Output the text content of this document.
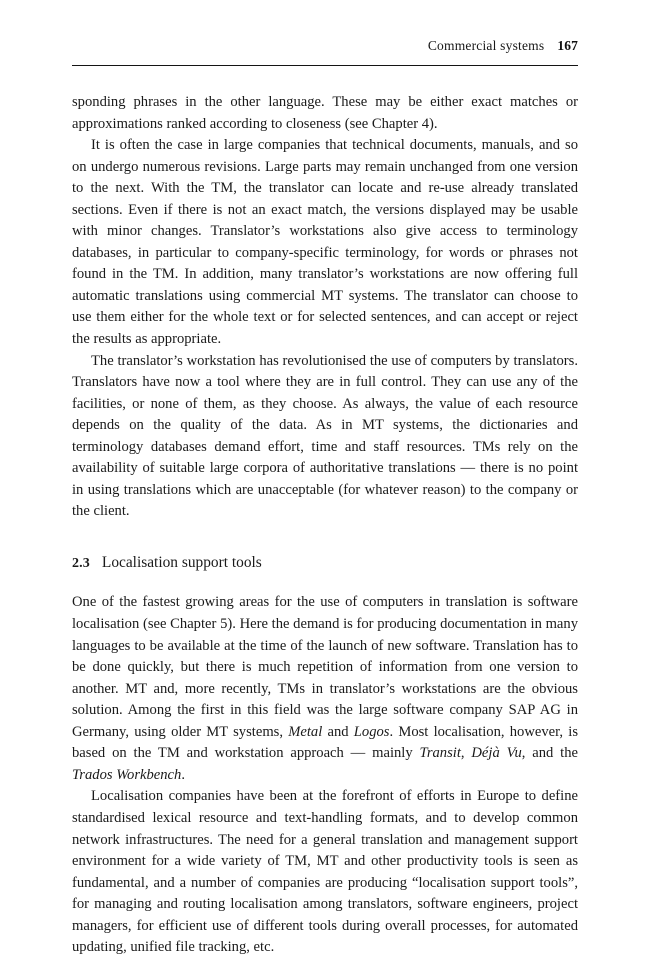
Commercial systems 167

sponding phrases in the other language. These may be either exact matches or approximations ranked according to closeness (see Chapter 4).

It is often the case in large companies that technical documents, manuals, and so on undergo numerous revisions. Large parts may remain unchanged from one version to the next. With the TM, the translator can locate and re-use already translated sections. Even if there is not an exact match, the versions displayed may be usable with minor changes. Translator’s workstations also give access to terminology databases, in particular to company-specific terminology, for words or phrases not found in the TM. In addition, many translator’s workstations are now offering full automatic translations using commercial MT systems. The translator can choose to use them either for the whole text or for selected sentences, and can accept or reject the results as appropriate.

The translator’s workstation has revolutionised the use of computers by translators. Translators have now a tool where they are in full control. They can use any of the facilities, or none of them, as they choose. As always, the value of each resource depends on the quality of the data. As in MT systems, the dictionaries and terminology databases demand effort, time and staff resources. TMs rely on the availability of suitable large corpora of authoritative translations — there is no point in using translations which are unacceptable (for whatever reason) to the company or the client.

2.3 Localisation support tools

One of the fastest growing areas for the use of computers in translation is software localisation (see Chapter 5). Here the demand is for producing documentation in many languages to be available at the time of the launch of new software. Translation has to be done quickly, but there is much repetition of information from one version to another. MT and, more recently, TMs in translator’s workstations are the obvious solution. Among the first in this field was the large software company SAP AG in Germany, using older MT systems, Metal and Logos. Most localisation, however, is based on the TM and workstation approach — mainly Transit, Déjà Vu, and the Trados Workbench.

Localisation companies have been at the forefront of efforts in Europe to define standardised lexical resource and text-handling formats, and to develop common network infrastructures. The need for a general translation and management support environment for a wide variety of TM, MT and other productivity tools is seen as fundamental, and a number of companies are producing “localisation support tools”, for managing and routing localisation among translators, software engineers, project managers, for efficient use of different tools during overall processes, for automated updating, unified file tracking, etc.
